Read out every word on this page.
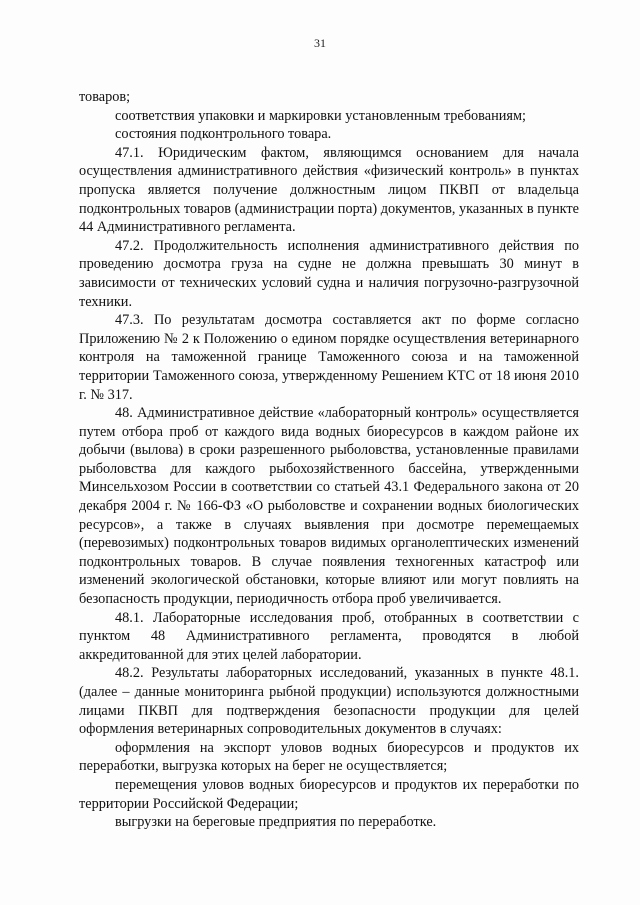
31

товаров;

соответствия упаковки и маркировки установленным требованиям;

состояния подконтрольного товара.

47.1. Юридическим фактом, являющимся основанием для начала осуществления административного действия «физический контроль» в пунктах пропуска является получение должностным лицом ПКВП от владельца подконтрольных товаров (администрации порта) документов, указанных в пункте 44 Административного регламента.

47.2. Продолжительность исполнения административного действия по проведению досмотра груза на судне не должна превышать 30 минут в зависимости от технических условий судна и наличия погрузочно-разгрузочной техники.

47.3. По результатам досмотра составляется акт по форме согласно Приложению № 2 к Положению о едином порядке осуществления ветеринарного контроля на таможенной границе Таможенного союза и на таможенной территории Таможенного союза, утвержденному Решением КТС от 18 июня 2010 г. № 317.

48. Административное действие «лабораторный контроль» осуществляется путем отбора проб от каждого вида водных биоресурсов в каждом районе их добычи (вылова) в сроки разрешенного рыболовства, установленные правилами рыболовства для каждого рыбохозяйственного бассейна, утвержденными Минсельхозом России в соответствии со статьей 43.1 Федерального закона от 20 декабря 2004 г. № 166-ФЗ «О рыболовстве и сохранении водных биологических ресурсов», а также в случаях выявления при досмотре перемещаемых (перевозимых) подконтрольных товаров видимых органолептических изменений подконтрольных товаров. В случае появления техногенных катастроф или изменений экологической обстановки, которые влияют или могут повлиять на безопасность продукции, периодичность отбора проб увеличивается.

48.1. Лабораторные исследования проб, отобранных в соответствии с пунктом 48 Административного регламента, проводятся в любой аккредитованной для этих целей лаборатории.

48.2. Результаты лабораторных исследований, указанных в пункте 48.1. (далее – данные мониторинга рыбной продукции) используются должностными лицами ПКВП для подтверждения безопасности продукции для целей оформления ветеринарных сопроводительных документов в случаях:

оформления на экспорт уловов водных биоресурсов и продуктов их переработки, выгрузка которых на берег не осуществляется;

перемещения уловов водных биоресурсов и продуктов их переработки по территории Российской Федерации;

выгрузки на береговые предприятия по переработке.
